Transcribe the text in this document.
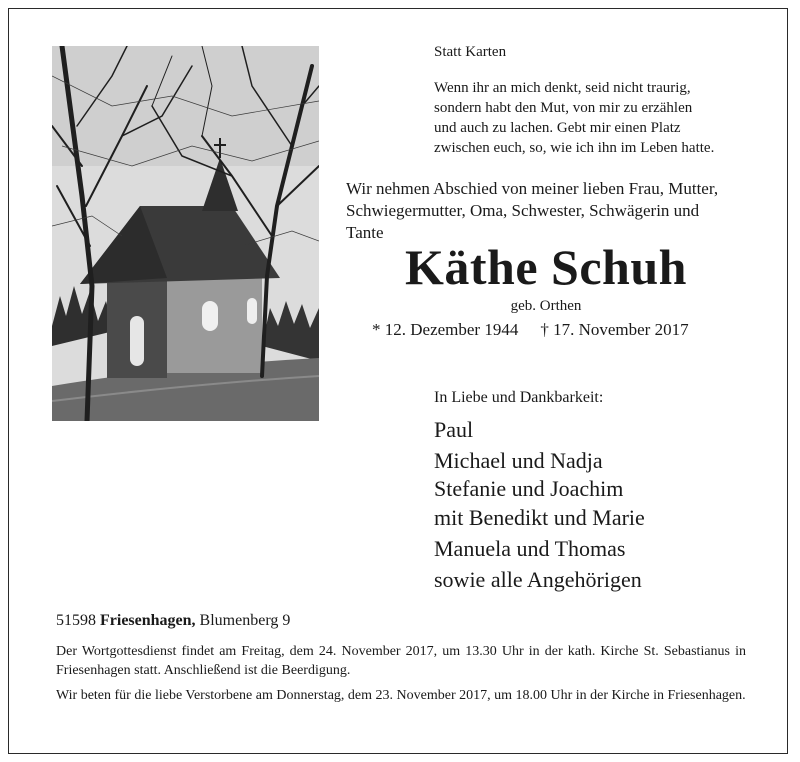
Statt Karten
Wenn ihr an mich denkt, seid nicht traurig,
sondern habt den Mut, von mir zu erzählen
und auch zu lachen. Gebt mir einen Platz
zwischen euch, so, wie ich ihn im Leben hatte.
Wir nehmen Abschied von meiner lieben Frau, Mutter,
Schwiegermutter, Oma, Schwester, Schwägerin und
Tante
Käthe Schuh
geb. Orthen
* 12. Dezember 1944 † 17. November 2017
In Liebe und Dankbarkeit:
Paul
Michael und Nadja
Stefanie und Joachim
mit Benedikt und Marie
Manuela und Thomas
sowie alle Angehörigen
51598 Friesenhagen, Blumenberg 9
Der Wortgottesdienst findet am Freitag, dem 24. November 2017, um 13.30 Uhr in der kath. Kirche St. Sebastianus in Friesenhagen statt. Anschließend ist die Beerdigung.
Wir beten für die liebe Verstorbene am Donnerstag, dem 23. November 2017, um 18.00 Uhr in der Kirche in Friesenhagen.
